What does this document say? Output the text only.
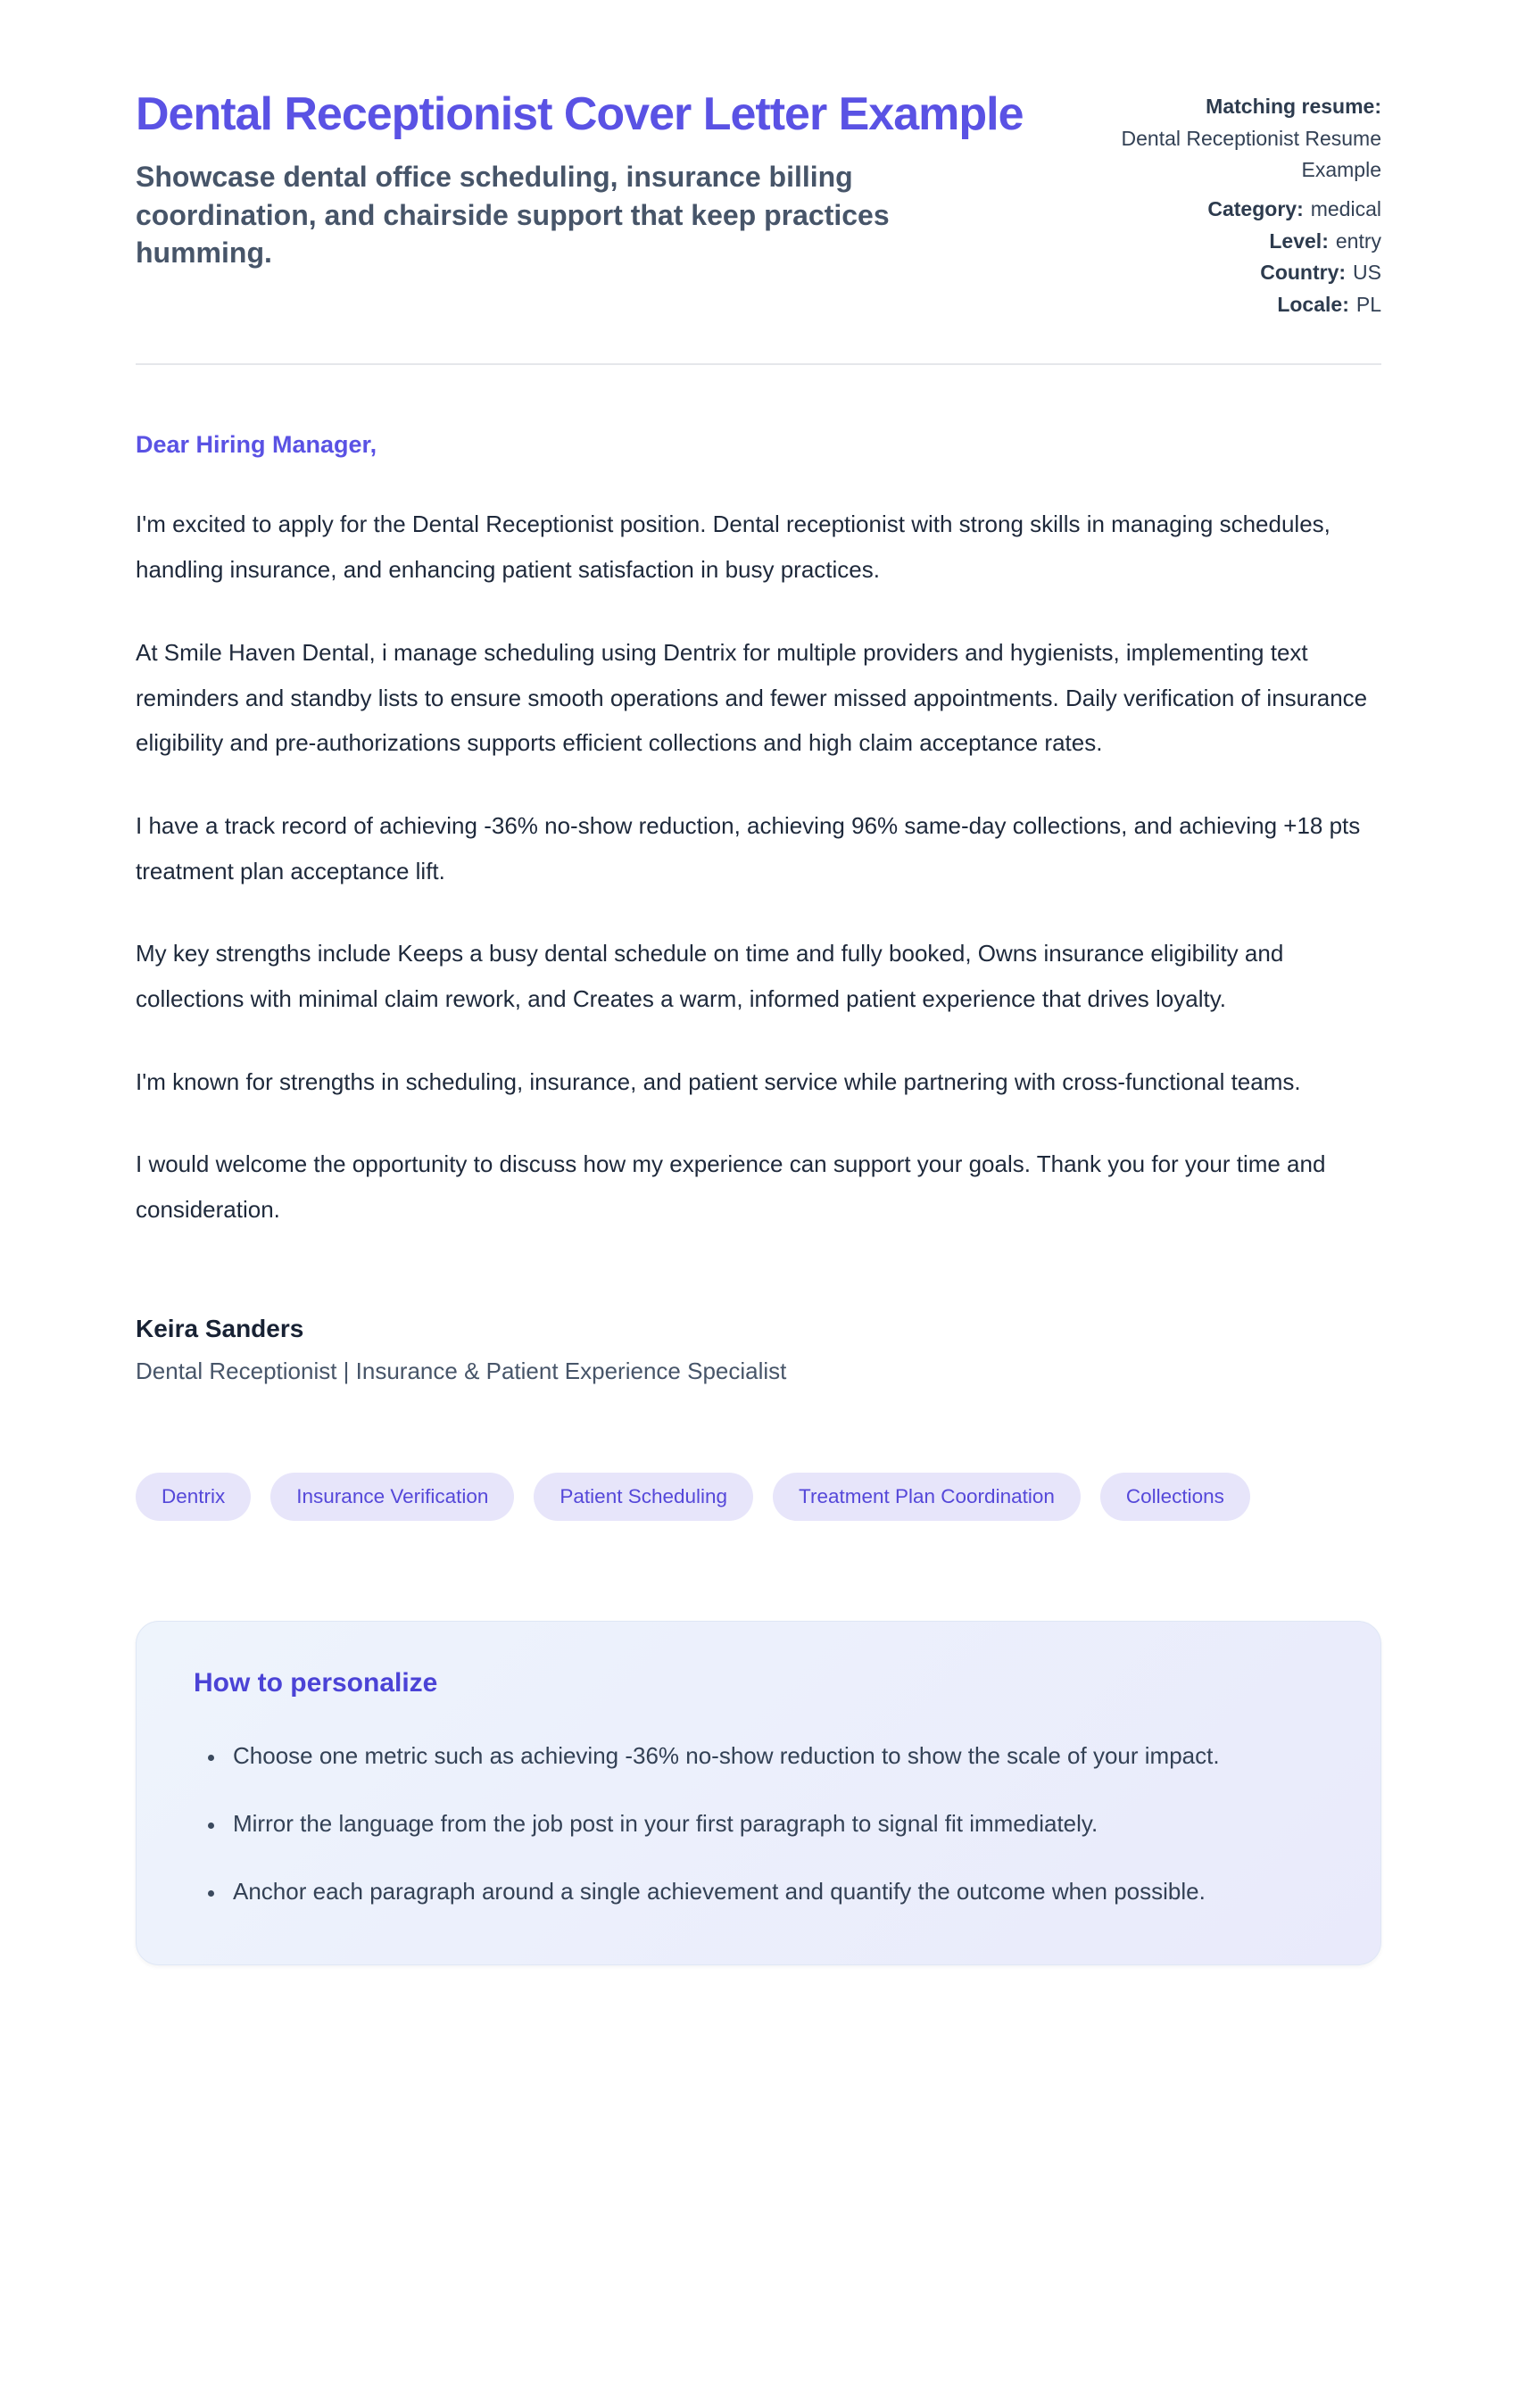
Dental Receptionist Cover Letter Example

Showcase dental office scheduling, insurance billing coordination, and chairside support that keep practices humming.

Matching resume:
Dental Receptionist Resume Example
Category: medical
Level: entry
Country: US
Locale: PL

Dear Hiring Manager,

I'm excited to apply for the Dental Receptionist position. Dental receptionist with strong skills in managing schedules, handling insurance, and enhancing patient satisfaction in busy practices.

At Smile Haven Dental, i manage scheduling using Dentrix for multiple providers and hygienists, implementing text reminders and standby lists to ensure smooth operations and fewer missed appointments. Daily verification of insurance eligibility and pre-authorizations supports efficient collections and high claim acceptance rates.

I have a track record of achieving -36% no-show reduction, achieving 96% same-day collections, and achieving +18 pts treatment plan acceptance lift.

My key strengths include Keeps a busy dental schedule on time and fully booked, Owns insurance eligibility and collections with minimal claim rework, and Creates a warm, informed patient experience that drives loyalty.

I'm known for strengths in scheduling, insurance, and patient service while partnering with cross-functional teams.

I would welcome the opportunity to discuss how my experience can support your goals. Thank you for your time and consideration.

Keira Sanders

Dental Receptionist | Insurance & Patient Experience Specialist

Dentrix	Insurance Verification	Patient Scheduling	Treatment Plan Coordination	Collections
How to personalize
• Choose one metric such as achieving -36% no-show reduction to show the scale of your impact.
• Mirror the language from the job post in your first paragraph to signal fit immediately.
• Anchor each paragraph around a single achievement and quantify the outcome when possible.
